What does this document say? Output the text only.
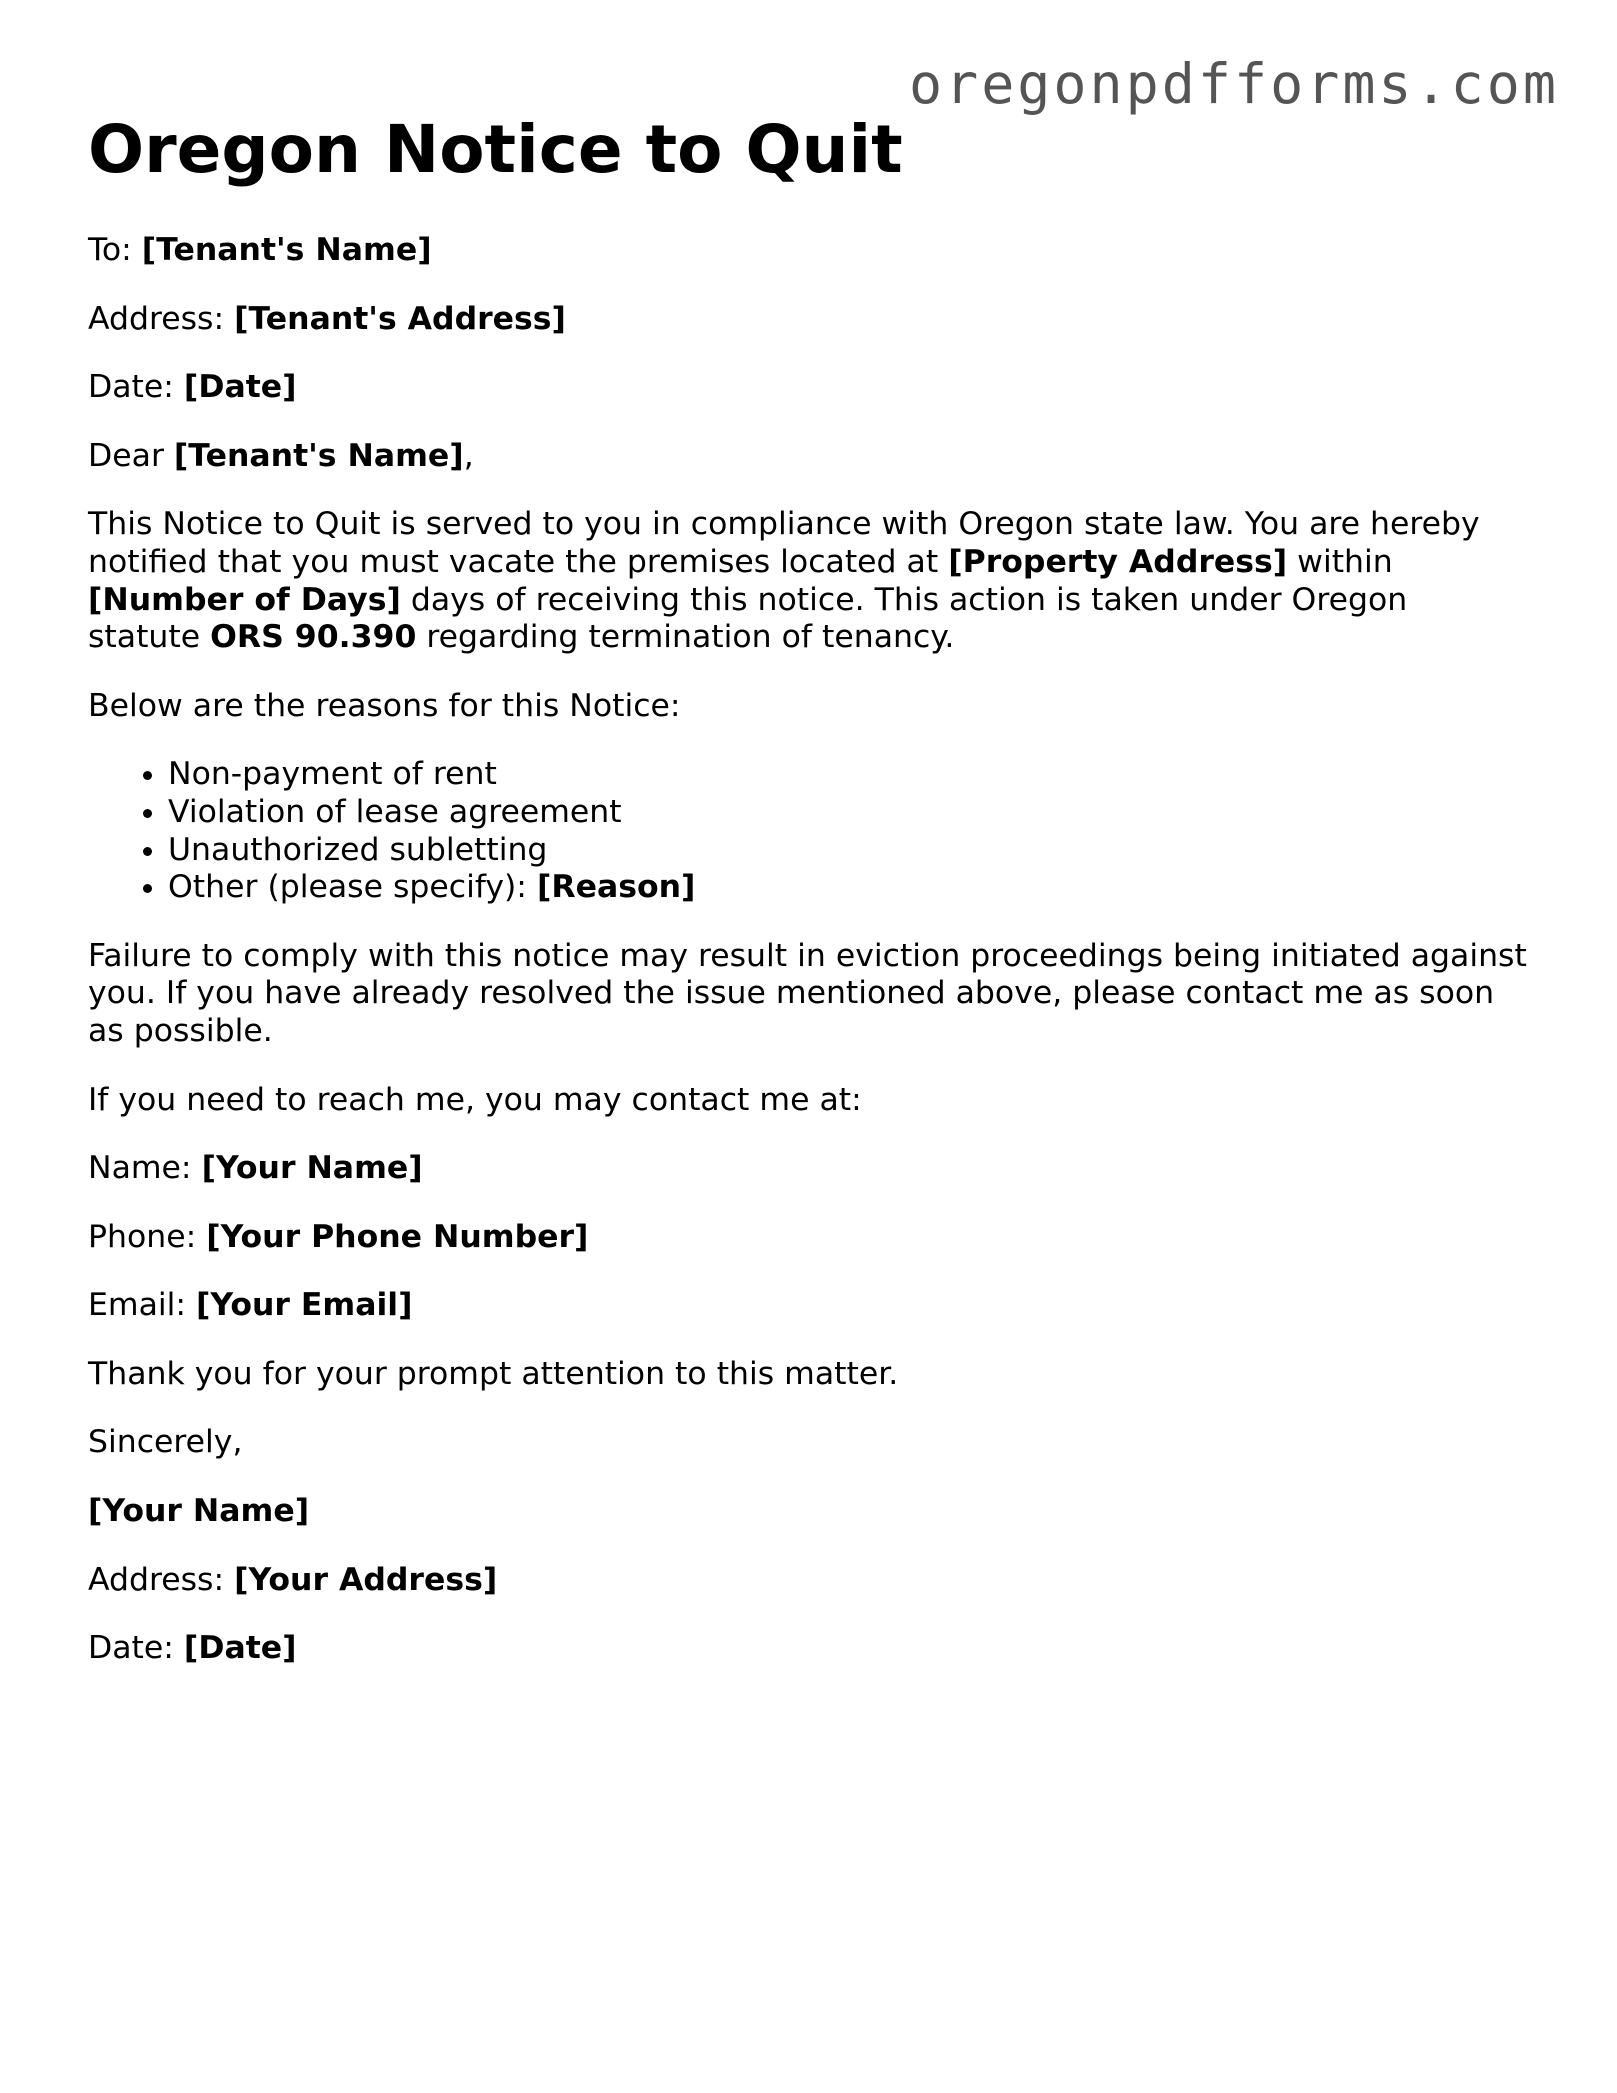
oregonpdfforms.com
Oregon Notice to Quit

To: [Tenant's Name]

Address: [Tenant's Address]

Date: [Date]

Dear [Tenant's Name],

This Notice to Quit is served to you in compliance with Oregon state law. You are hereby notified that you must vacate the premises located at [Property Address] within [Number of Days] days of receiving this notice. This action is taken under Oregon statute ORS 90.390 regarding termination of tenancy.

Below are the reasons for this Notice:

• Non-payment of rent
• Violation of lease agreement
• Unauthorized subletting
• Other (please specify): [Reason]

Failure to comply with this notice may result in eviction proceedings being initiated against you. If you have already resolved the issue mentioned above, please contact me as soon as possible.

If you need to reach me, you may contact me at:

Name: [Your Name]

Phone: [Your Phone Number]

Email: [Your Email]

Thank you for your prompt attention to this matter.

Sincerely,

[Your Name]

Address: [Your Address]

Date: [Date]
